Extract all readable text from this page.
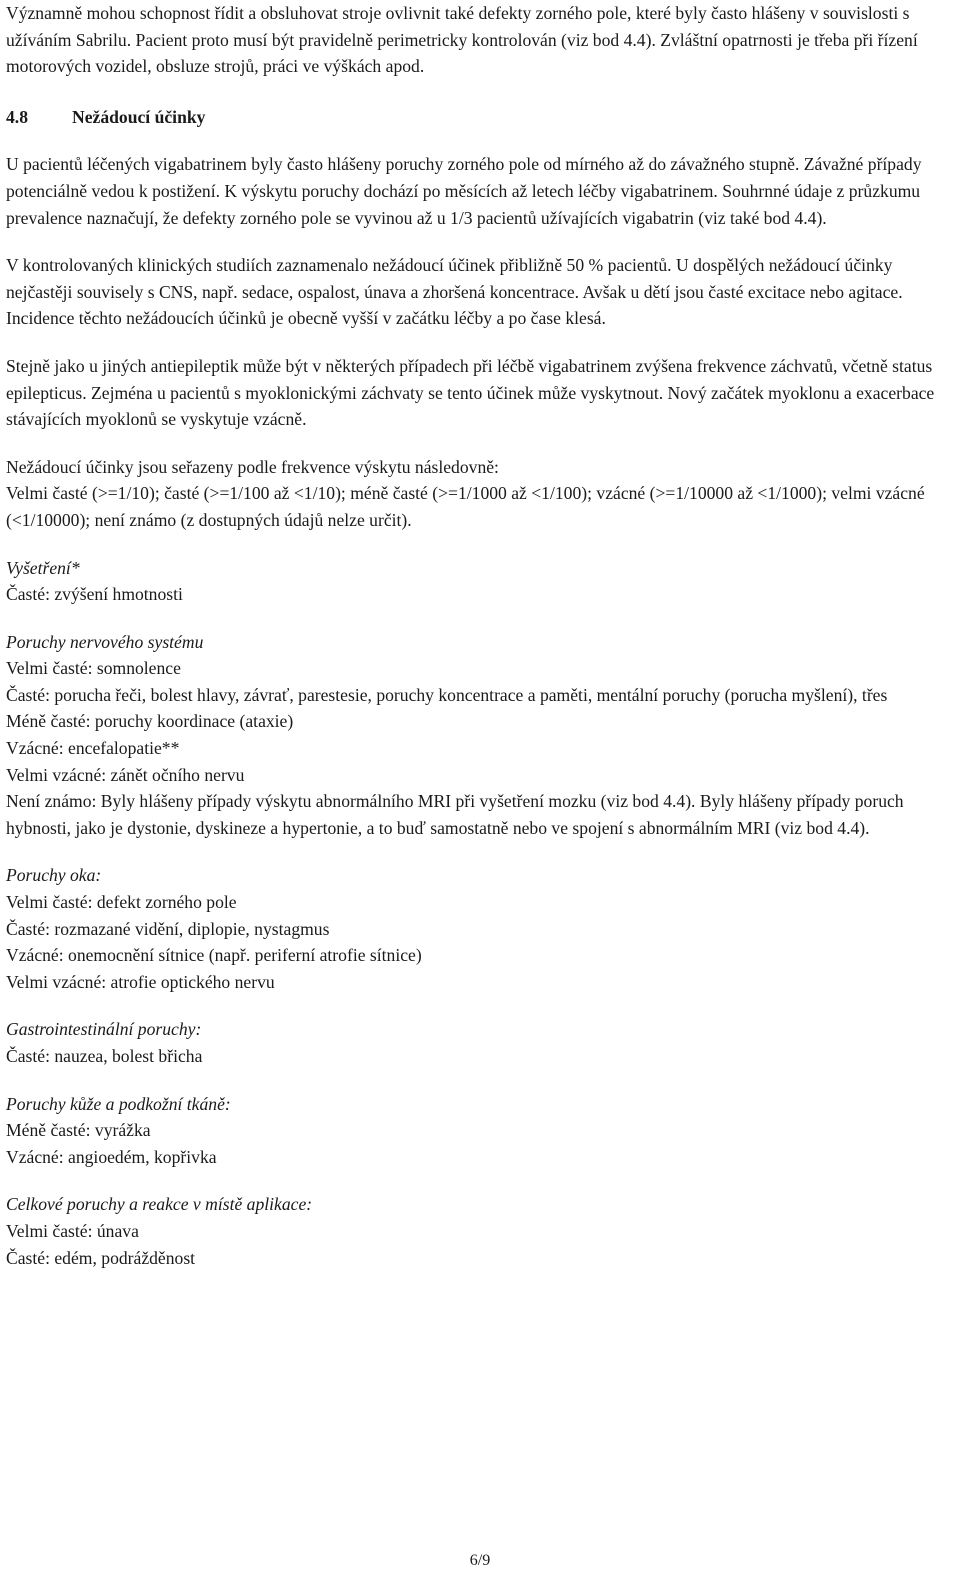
Významně mohou schopnost řídit a obsluhovat stroje ovlivnit také defekty zorného pole, které byly často hlášeny v souvislosti s užíváním Sabrilu. Pacient proto musí být pravidelně perimetricky kontrolován (viz bod 4.4). Zvláštní opatrnosti je třeba při řízení motorových vozidel, obsluze strojů, práci ve výškách apod.

4.8	Nežádoucí účinky

U pacientů léčených vigabatrinem byly často hlášeny poruchy zorného pole od mírného až do závažného stupně. Závažné případy potenciálně vedou k postižení. K výskytu poruchy dochází po měsících až letech léčby vigabatrinem. Souhrnné údaje z průzkumu prevalence naznačují, že defekty zorného pole se vyvinou až u 1/3 pacientů užívajících vigabatrin (viz také bod 4.4).

V kontrolovaných klinických studiích zaznamenalo nežádoucí účinek přibližně 50 % pacientů. U dospělých nežádoucí účinky nejčastěji souvisely s CNS, např. sedace, ospalost, únava a zhoršená koncentrace. Avšak u dětí jsou časté excitace nebo agitace. Incidence těchto nežádoucích účinků je obecně vyšší v začátku léčby a po čase klesá.

Stejně jako u jiných antiepileptik může být v některých případech při léčbě vigabatrinem zvýšena frekvence záchvatů, včetně status epilepticus. Zejména u pacientů s myoklonickými záchvaty se tento účinek může vyskytnout. Nový začátek myoklonu a exacerbace stávajících myoklonů se vyskytuje vzácně.

Nežádoucí účinky jsou seřazeny podle frekvence výskytu následovně:

Velmi časté (>=1/10); časté (>=1/100 až <1/10); méně časté (>=1/1000 až <1/100); vzácné (>=1/10000 až <1/1000); velmi vzácné (<1/10000); není známo (z dostupných údajů nelze určit).

Vyšetření*

Časté: zvýšení hmotnosti

Poruchy nervového systému

Velmi časté: somnolence

Časté: porucha řeči, bolest hlavy, závrať, parestesie, poruchy koncentrace a paměti, mentální poruchy (porucha myšlení), třes

Méně časté: poruchy koordinace (ataxie)

Vzácné: encefalopatie**

Velmi vzácné: zánět očního nervu

Není známo: Byly hlášeny případy výskytu abnormálního MRI při vyšetření mozku (viz bod 4.4). Byly hlášeny případy poruch hybnosti, jako je dystonie, dyskineze a hypertonie, a to buď samostatně nebo ve spojení s abnormálním MRI (viz bod 4.4).

Poruchy oka:

Velmi časté: defekt zorného pole

Časté: rozmazané vidění, diplopie, nystagmus

Vzácné: onemocnění sítnice (např. periferní atrofie sítnice)

Velmi vzácné: atrofie optického nervu

Gastrointestinální poruchy:

Časté: nauzea, bolest břicha

Poruchy kůže a podkožní tkáně:

Méně časté: vyrážka

Vzácné: angioedém, kopřivka

Celkové poruchy a reakce v místě aplikace:

Velmi časté: únava

Časté: edém, podrážděnost

6/9
